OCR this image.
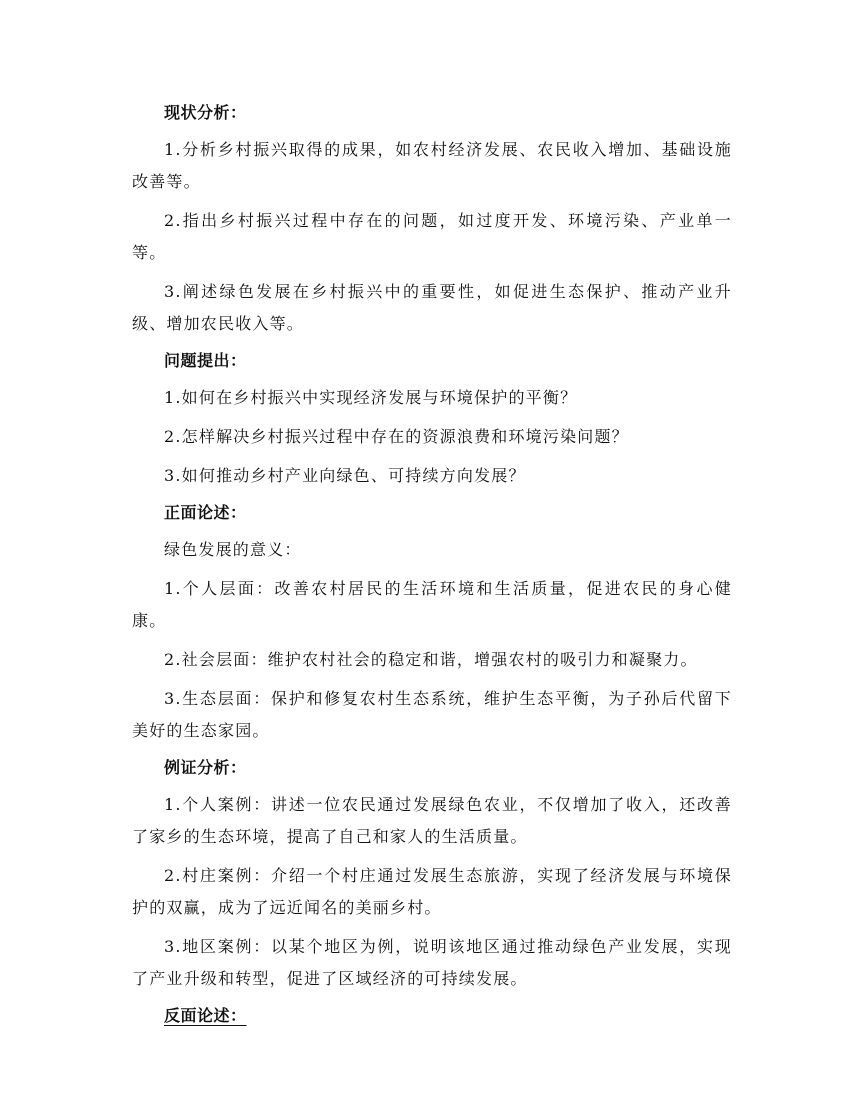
现状分析：

1.分析乡村振兴取得的成果，如农村经济发展、农民收入增加、基础设施改善等。

2.指出乡村振兴过程中存在的问题，如过度开发、环境污染、产业单一等。

3.阐述绿色发展在乡村振兴中的重要性，如促进生态保护、推动产业升级、增加农民收入等。

问题提出：

1.如何在乡村振兴中实现经济发展与环境保护的平衡？

2.怎样解决乡村振兴过程中存在的资源浪费和环境污染问题？

3.如何推动乡村产业向绿色、可持续方向发展？

正面论述：

绿色发展的意义：

1.个人层面：改善农村居民的生活环境和生活质量，促进农民的身心健康。

2.社会层面：维护农村社会的稳定和谐，增强农村的吸引力和凝聚力。

3.生态层面：保护和修复农村生态系统，维护生态平衡，为子孙后代留下美好的生态家园。

例证分析：

1.个人案例：讲述一位农民通过发展绿色农业，不仅增加了收入，还改善了家乡的生态环境，提高了自己和家人的生活质量。

2.村庄案例：介绍一个村庄通过发展生态旅游，实现了经济发展与环境保护的双赢，成为了远近闻名的美丽乡村。

3.地区案例：以某个地区为例，说明该地区通过推动绿色产业发展，实现了产业升级和转型，促进了区域经济的可持续发展。

反面论述：
